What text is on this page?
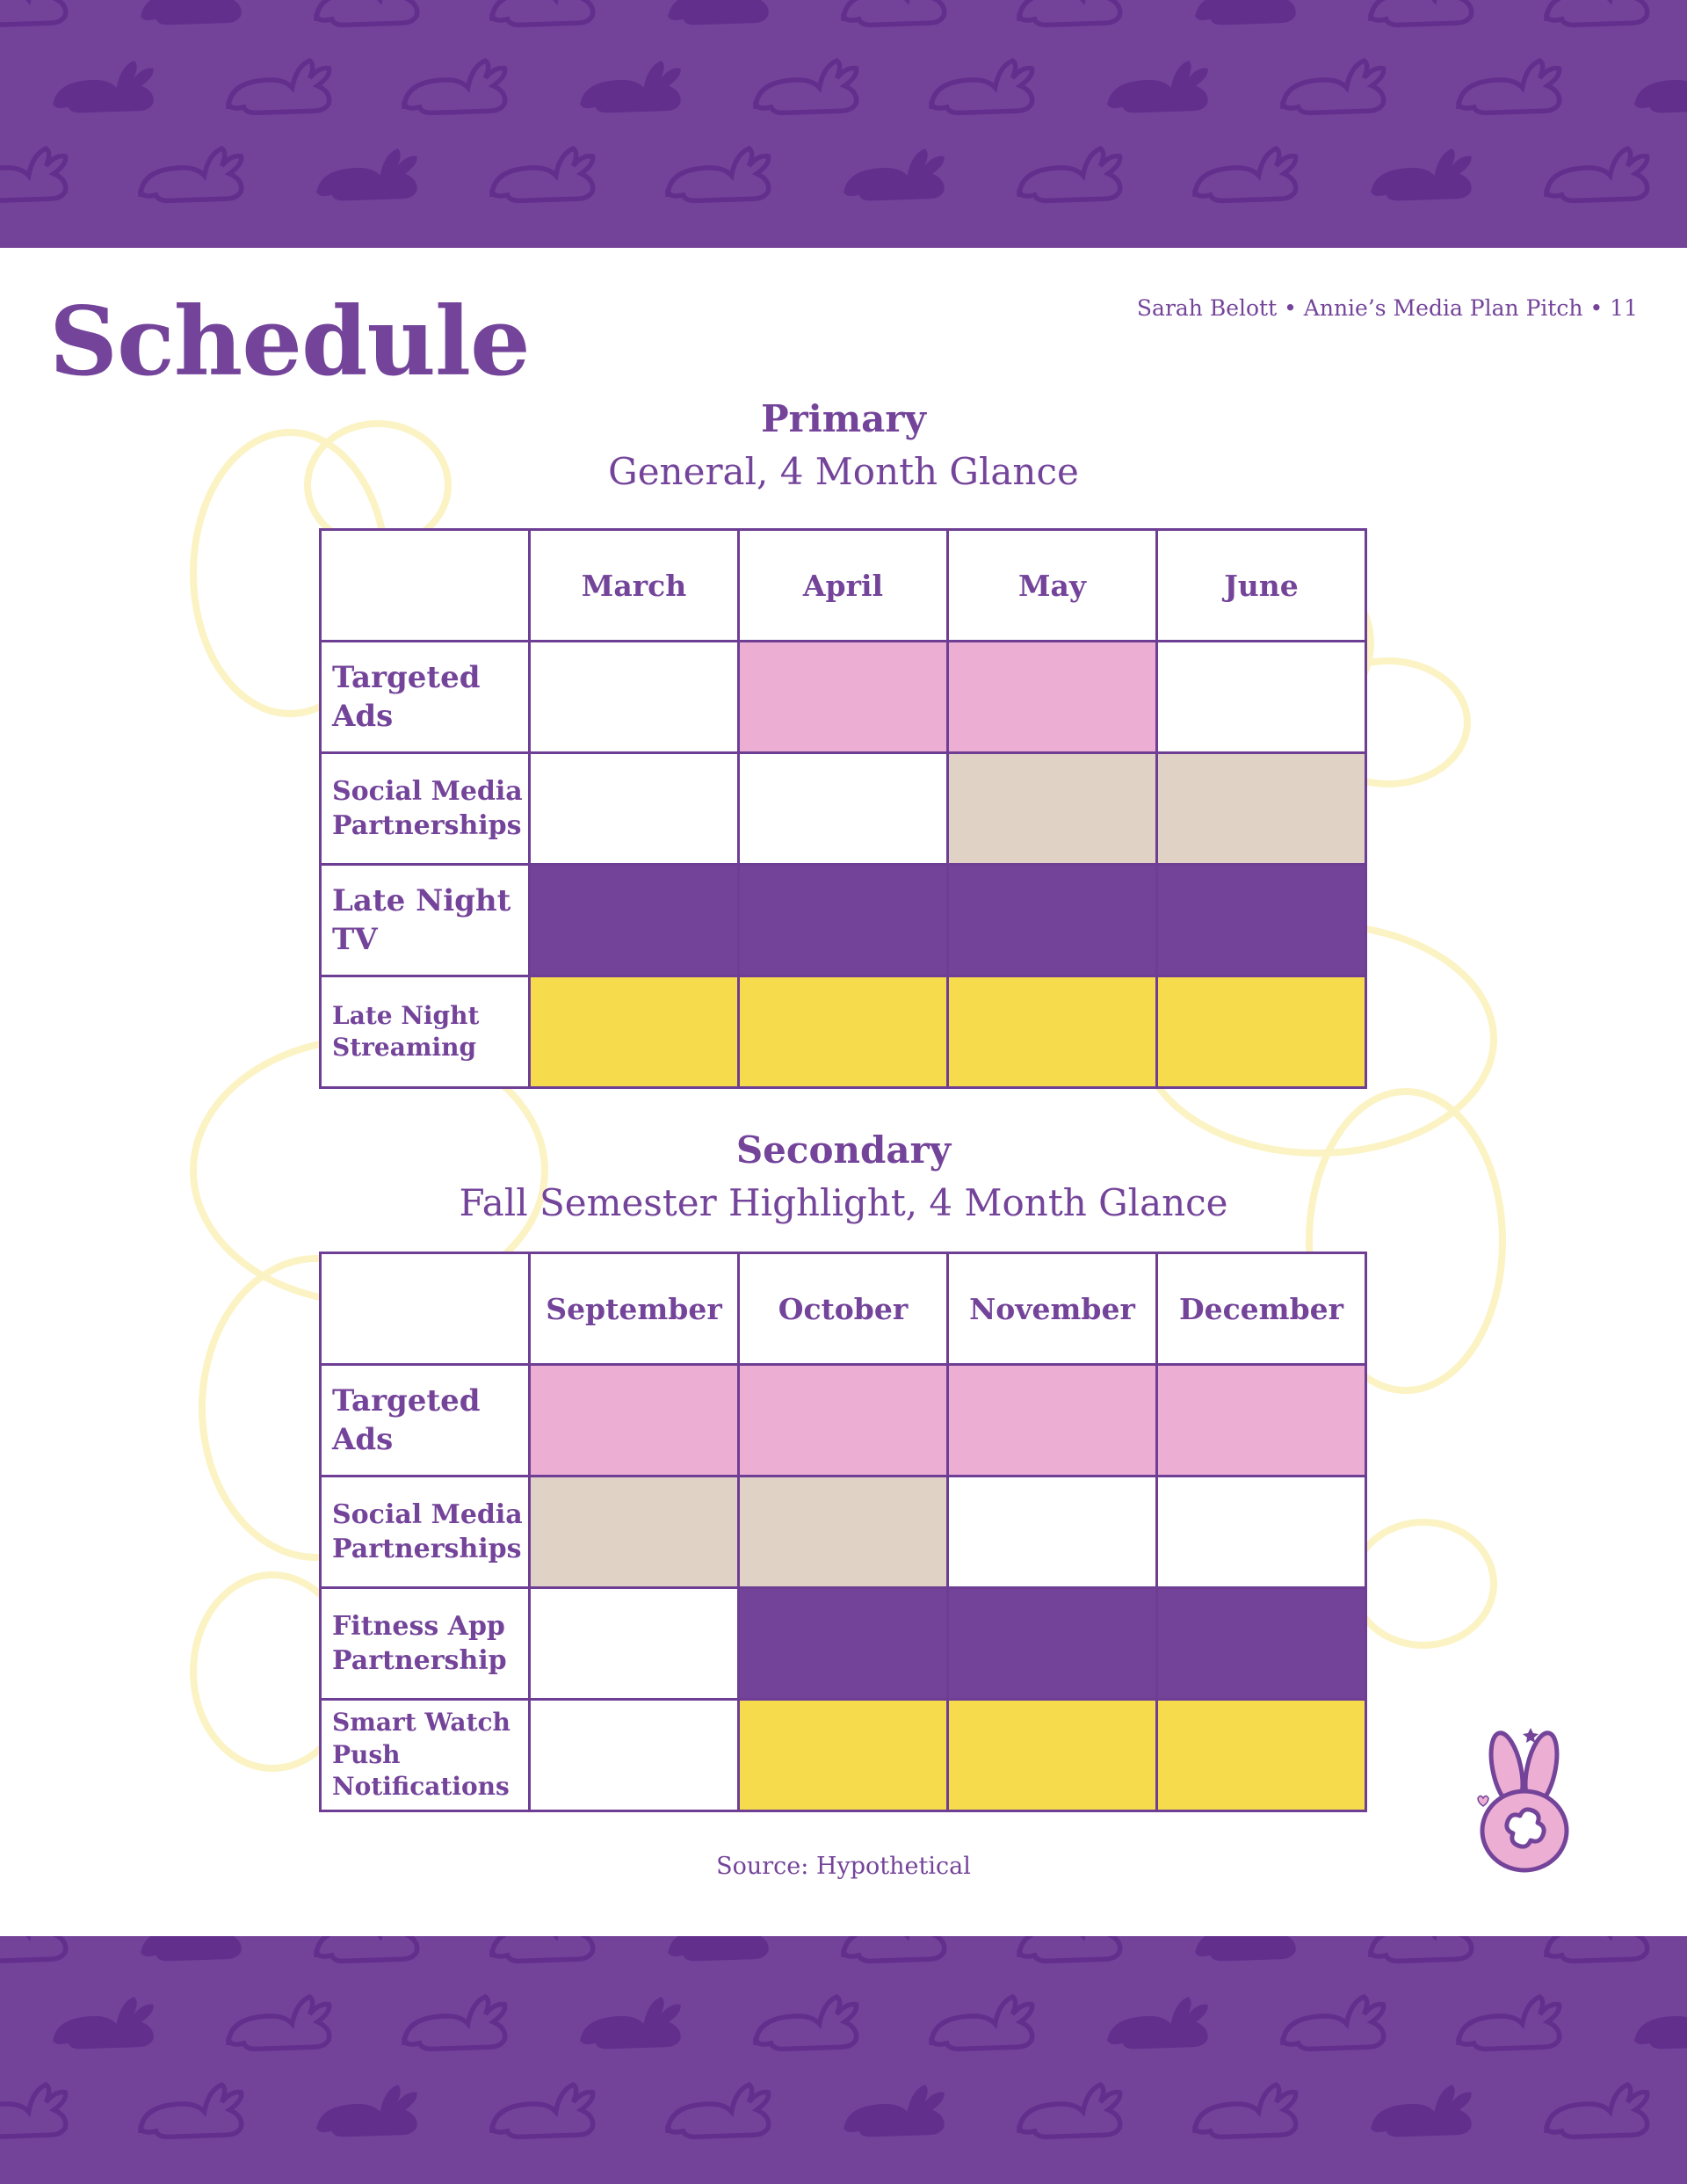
Sarah Belott • Annie’s Media Plan Pitch • 11
Schedule
Primary
General, 4 Month Glance
	March	April	May	June
Targeted Ads				
Social Media Partnerships				
Late Night TV				
Late Night Streaming				
Secondary
Fall Semester Highlight, 4 Month Glance
	September	October	November	December
Targeted Ads				
Social Media Partnerships				
Fitness App Partnership				
Smart Watch Push Notifications				
Source: Hypothetical
